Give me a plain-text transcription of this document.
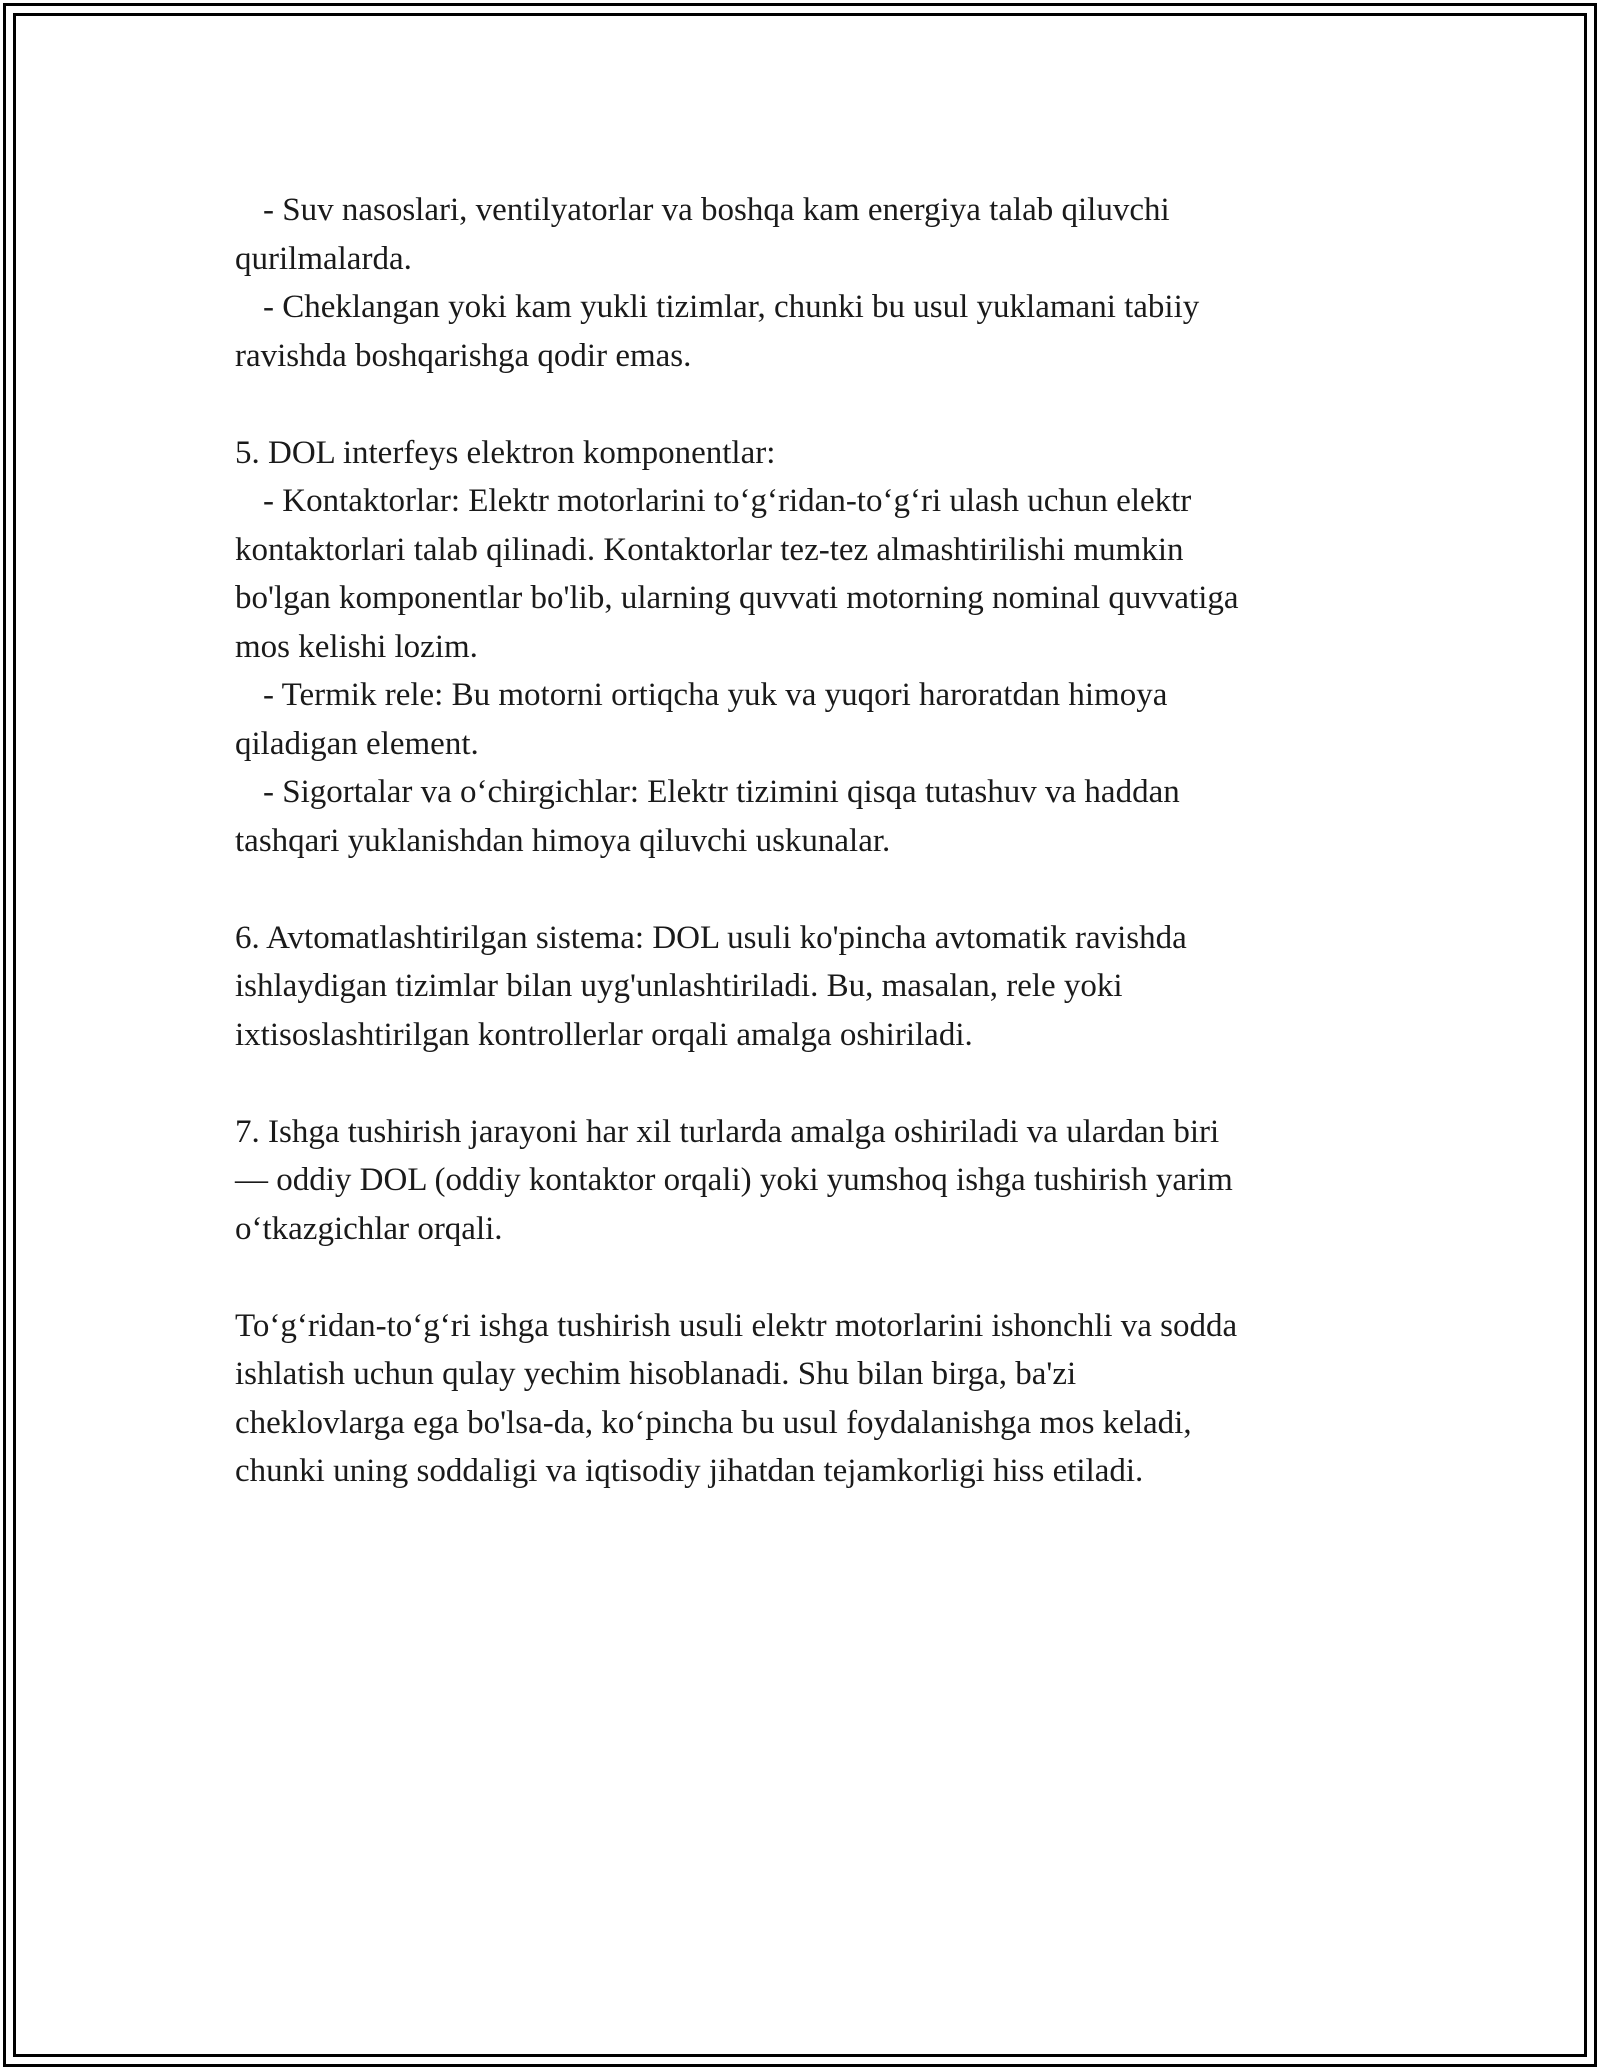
- Suv nasoslari, ventilyatorlar va boshqa kam energiya talab qiluvchi
qurilmalarda.
- Cheklangan yoki kam yukli tizimlar, chunki bu usul yuklamani tabiiy
ravishda boshqarishga qodir emas.
5. DOL interfeys elektron komponentlar:
- Kontaktorlar: Elektr motorlarini to‘g‘ridan-to‘g‘ri ulash uchun elektr
kontaktorlari talab qilinadi. Kontaktorlar tez-tez almashtirilishi mumkin
bo'lgan komponentlar bo'lib, ularning quvvati motorning nominal quvvatiga
mos kelishi lozim.
- Termik rele: Bu motorni ortiqcha yuk va yuqori haroratdan himoya
qiladigan element.
- Sigortalar va o‘chirgichlar: Elektr tizimini qisqa tutashuv va haddan
tashqari yuklanishdan himoya qiluvchi uskunalar.
6. Avtomatlashtirilgan sistema: DOL usuli ko'pincha avtomatik ravishda
ishlaydigan tizimlar bilan uyg'unlashtiriladi. Bu, masalan, rele yoki
ixtisoslashtirilgan kontrollerlar orqali amalga oshiriladi.
7. Ishga tushirish jarayoni har xil turlarda amalga oshiriladi va ulardan biri
— oddiy DOL (oddiy kontaktor orqali) yoki yumshoq ishga tushirish yarim
o‘tkazgichlar orqali.
To‘g‘ridan-to‘g‘ri ishga tushirish usuli elektr motorlarini ishonchli va sodda
ishlatish uchun qulay yechim hisoblanadi. Shu bilan birga, ba'zi
cheklovlarga ega bo'lsa-da, ko‘pincha bu usul foydalanishga mos keladi,
chunki uning soddaligi va iqtisodiy jihatdan tejamkorligi hiss etiladi.
